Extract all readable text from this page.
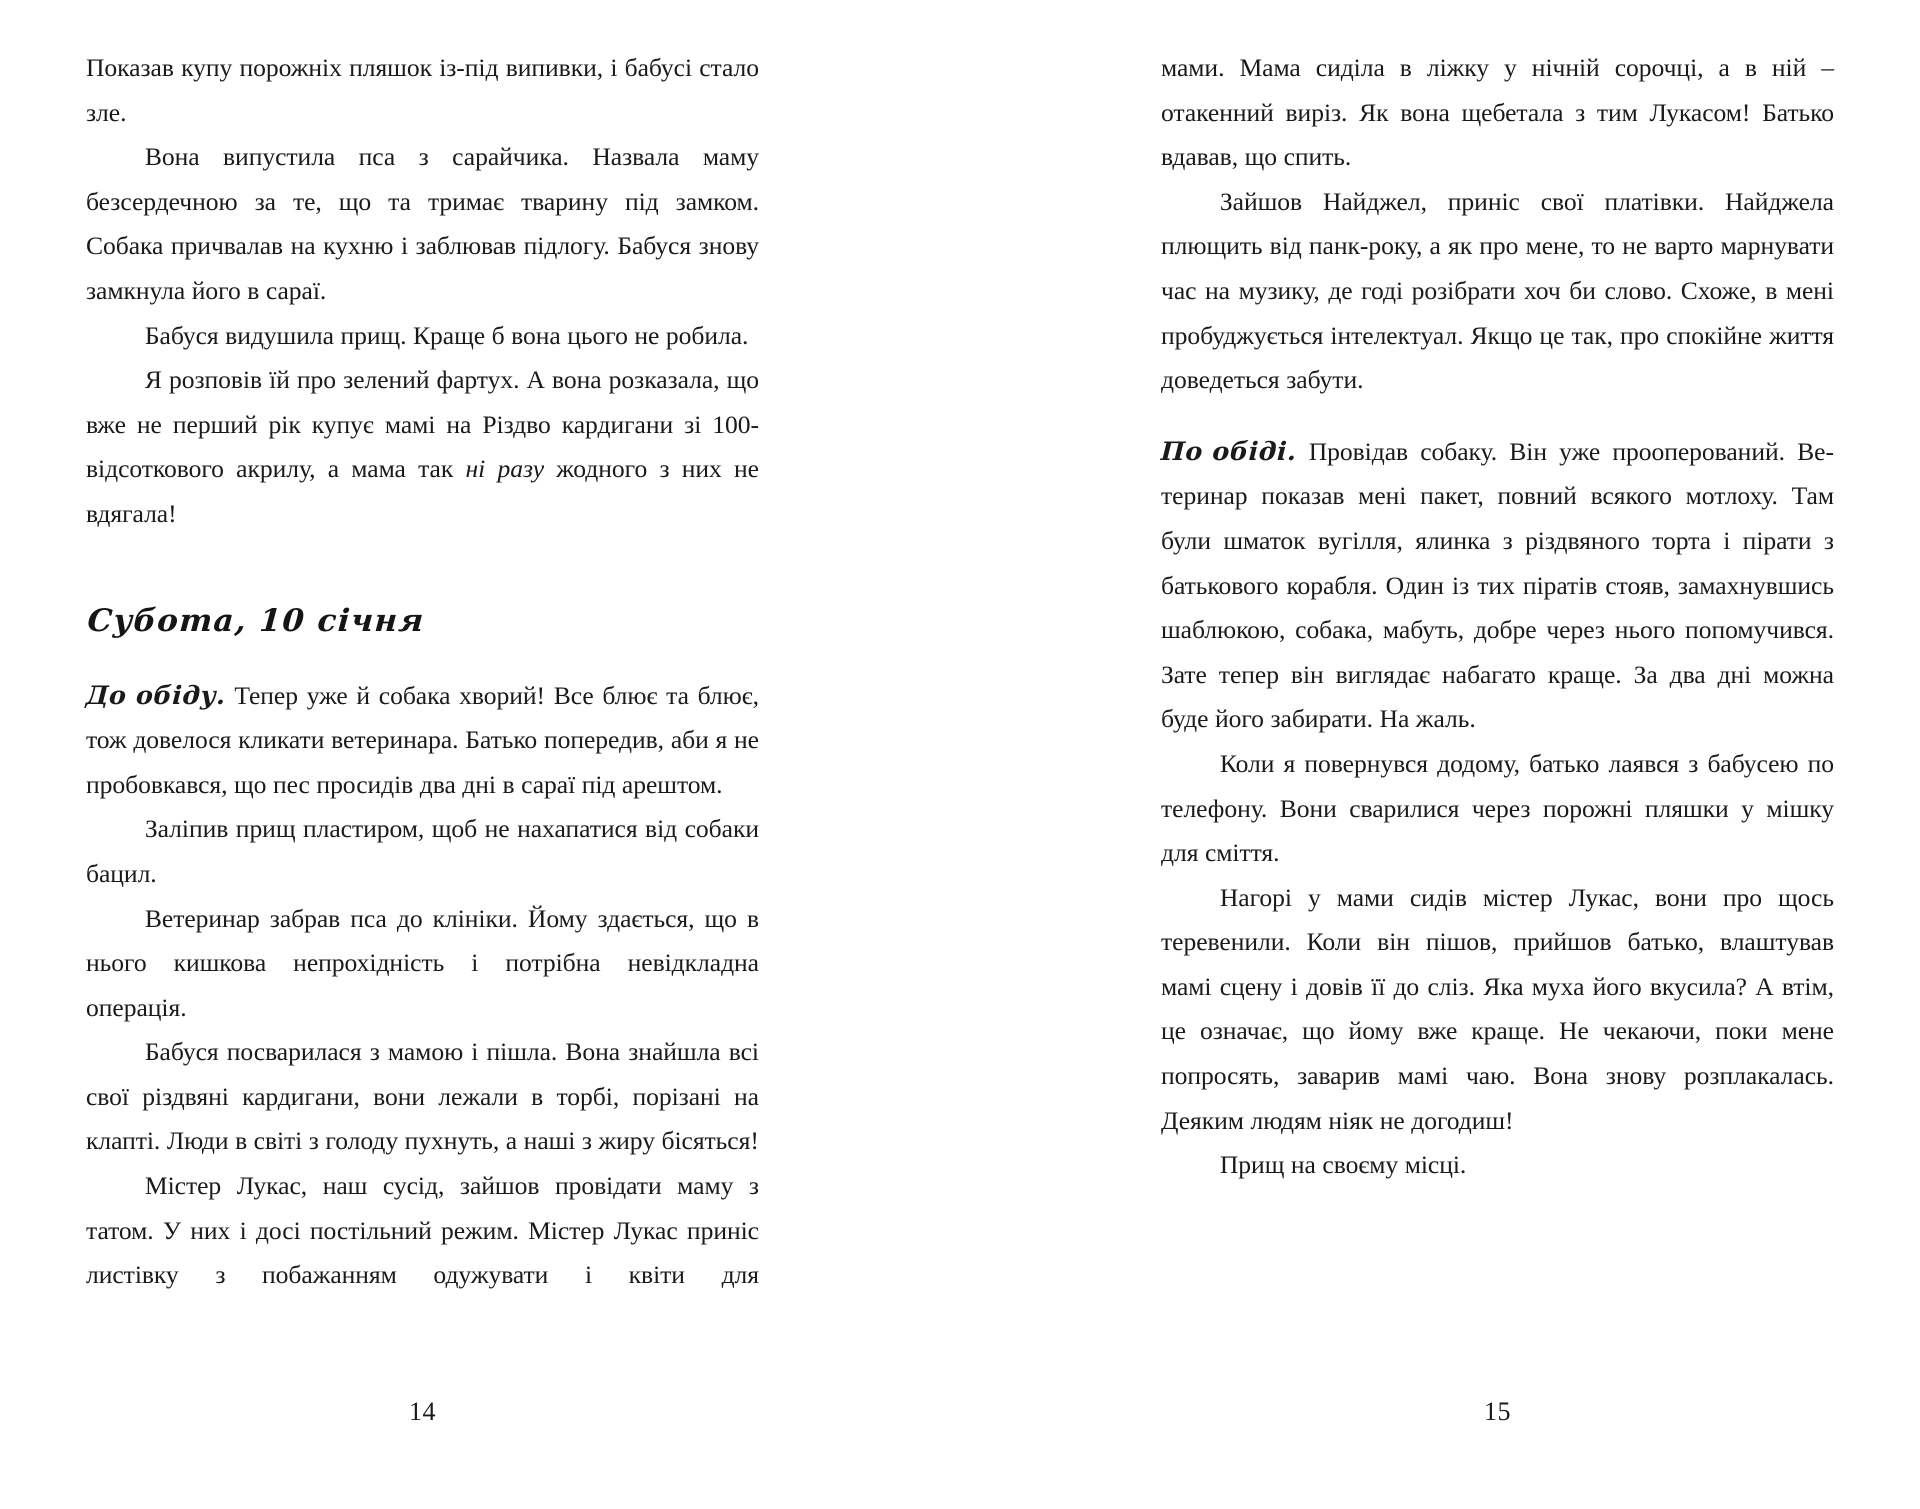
Показав купу порожніх пляшок із-під випивки, і бабусі стало зле.

Вона випустила пса з сарайчика. Назвала маму безсердечною за те, що та тримає тварину під замком. Собака причвалав на кухню і заблював підлогу. Бабуся знову замкнула його в сараї.

Бабуся видушила прищ. Краще б вона цього не робила.

Я розповів їй про зелений фартух. А вона розказала, що вже не перший рік купує мамі на Різдво кардигани зі 100-відсоткового акрилу, а мама так ні разу жодного з них не вдягала!

Субота, 10 січня

До обіду. Тепер уже й собака хворий! Все блює та блює, тож довелося кликати ветеринара. Батько попередив, аби я не пробовкався, що пес просидів два дні в сараї під арештом.

Заліпив прищ пластиром, щоб не нахапатися від собаки бацил.

Ветеринар забрав пса до клініки. Йому здається, що в нього кишкова непрохідність і потрібна невідкладна операція.

Бабуся посварилася з мамою і пішла. Вона знайшла всі свої різдвяні кардигани, вони лежали в торбі, порізані на клапті. Люди в світі з голоду пухнуть, а наші з жиру бісяться!

Містер Лукас, наш сусід, зайшов провідати маму з татом. У них і досі постільний режим. Містер Лукас приніс листівку з побажанням одужувати і квіти для

14

мами. Мама сиділа в ліжку у нічній сорочці, а в ній – отакенний виріз. Як вона щебетала з тим Лукасом! Батько вдавав, що спить.

Зайшов Найджел, приніс свої платівки. Найджела плющить від панк-року, а як про мене, то не варто марнувати час на музику, де годі розібрати хоч би слово. Схоже, в мені пробуджується інтелектуал. Якщо це так, про спокійне життя доведеться забути.

По обіді. Провідав собаку. Він уже прооперований. Ветеринар показав мені пакет, повний всякого мотлоху. Там були шматок вугілля, ялинка з різдвяного торта і пірати з батькового корабля. Один із тих піратів стояв, замахнувшись шаблюкою, собака, мабуть, добре через нього попомучився. Зате тепер він виглядає набагато краще. За два дні можна буде його забирати. На жаль.

Коли я повернувся додому, батько лаявся з бабусею по телефону. Вони сварилися через порожні пляшки у мішку для сміття.

Нагорі у мами сидів містер Лукас, вони про щось теревенили. Коли він пішов, прийшов батько, влаштував мамі сцену і довів її до сліз. Яка муха його вкусила? А втім, це означає, що йому вже краще. Не чекаючи, поки мене попросять, заварив мамі чаю. Вона знову розплакалась. Деяким людям ніяк не догодиш!

Прищ на своєму місці.

15
